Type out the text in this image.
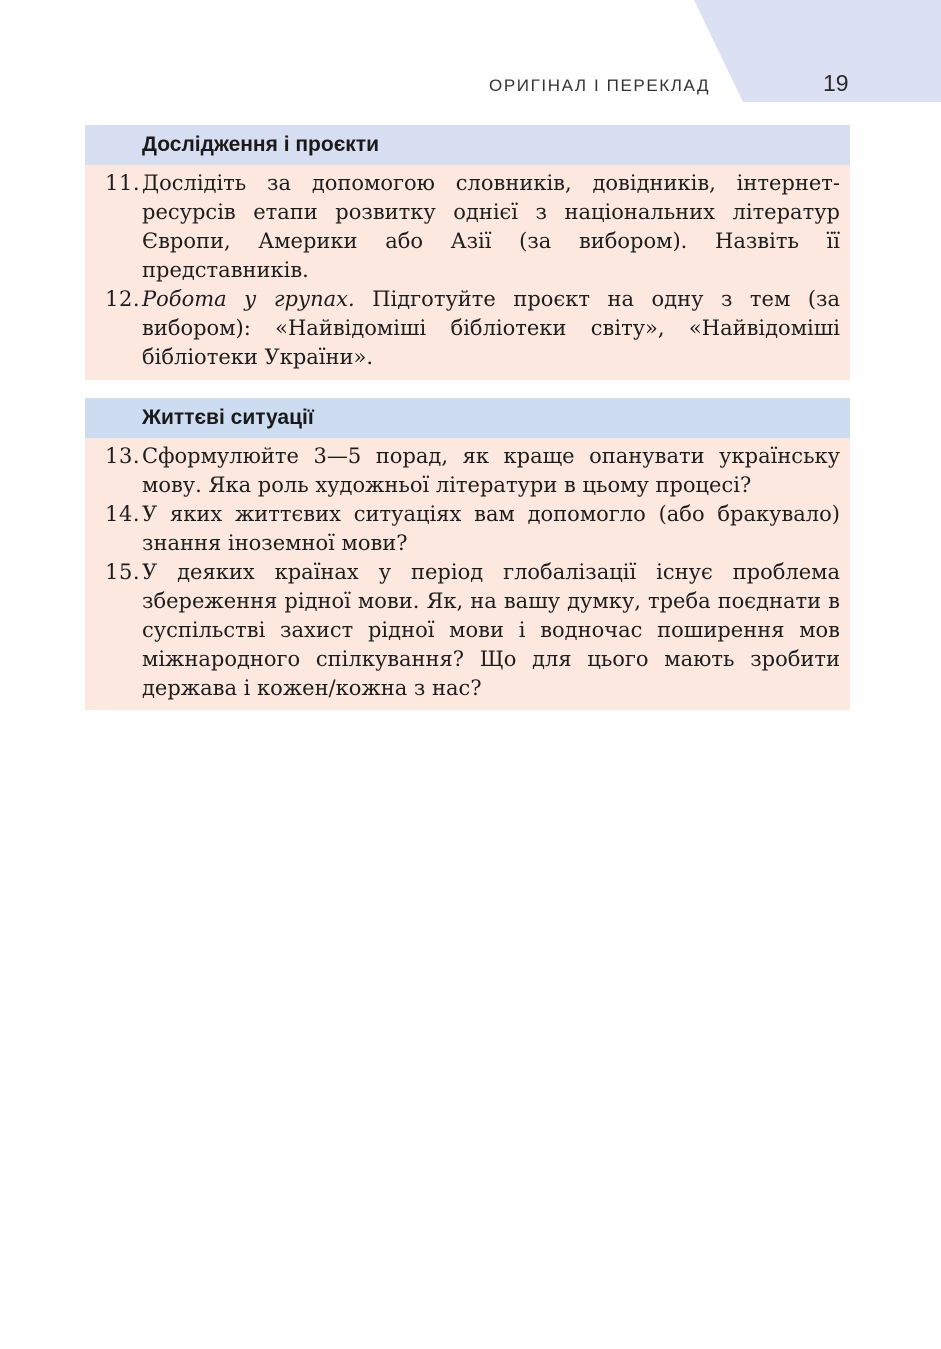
ОРИГІНАЛ І ПЕРЕКЛАД	19
Дослідження і проєкти
11. Дослідіть за допомогою словників, довідників, інтернет-ресурсів етапи розвитку однієї з національних літератур Європи, Америки або Азії (за вибором). Назвіть її представників.
12. Робота у групах. Підготуйте проєкт на одну з тем (за вибором): «Найвідоміші бібліотеки світу», «Найвідоміші бібліотеки України».
Життєві ситуації
13. Сформулюйте 3—5 порад, як краще опанувати українську мову. Яка роль художньої літератури в цьому процесі?
14. У яких життєвих ситуаціях вам допомогло (або бракувало) знання іноземної мови?
15. У деяких країнах у період глобалізації існує проблема збереження рідної мови. Як, на вашу думку, треба поєднати в суспільстві захист рідної мови і водночас поширення мов міжнародного спілкування? Що для цього мають зробити держава і кожен/кожна з нас?
